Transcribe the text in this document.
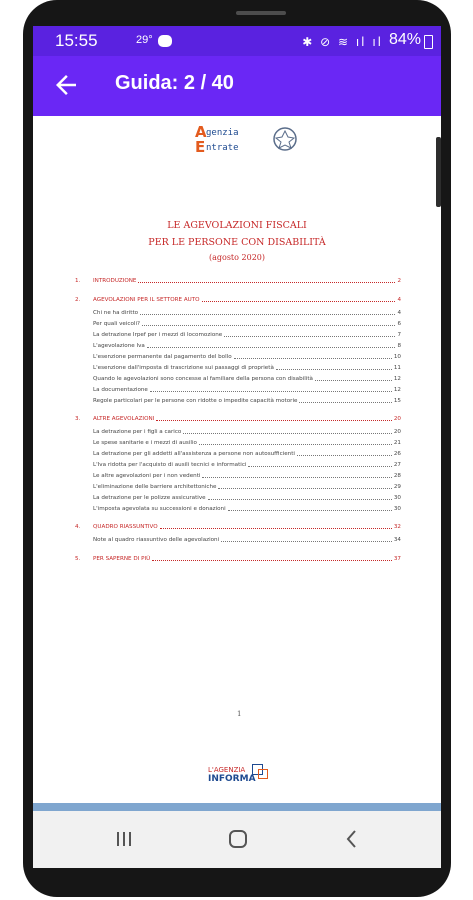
15:55	29°	✱ ⊘ ≋ ıl ıl 84%
Guida: 2 / 40
A genzia
E ntrate
LE AGEVOLAZIONI FISCALI
PER LE PERSONE CON DISABILITÀ
(agosto 2020)
1.	INTRODUZIONE	2
2.	AGEVOLAZIONI PER IL SETTORE AUTO	4
Chi ne ha diritto	4
Per quali veicoli?	6
La detrazione Irpef per i mezzi di locomozione	7
L'agevolazione Iva	8
L'esenzione permanente dal pagamento del bollo	10
L'esenzione dall'imposta di trascrizione sui passaggi di proprietà	11
Quando le agevolazioni sono concesse al familiare della persona con disabilità	12
La documentazione	12
Regole particolari per le persone con ridotte o impedite capacità motorie	15
3.	ALTRE AGEVOLAZIONI	20
La detrazione per i figli a carico	20
Le spese sanitarie e i mezzi di ausilio	21
La detrazione per gli addetti all'assistenza a persone non autosufficienti	26
L'Iva ridotta per l'acquisto di ausili tecnici e informatici	27
Le altre agevolazioni per i non vedenti	28
L'eliminazione delle barriere architettoniche	29
La detrazione per le polizze assicurative	30
L'imposta agevolata su successioni e donazioni	30
4.	QUADRO RIASSUNTIVO	32
Note al quadro riassuntivo delle agevolazioni	34
5.	PER SAPERNE DI PIÙ	37
1
L'AGENZIA
INFORMA
